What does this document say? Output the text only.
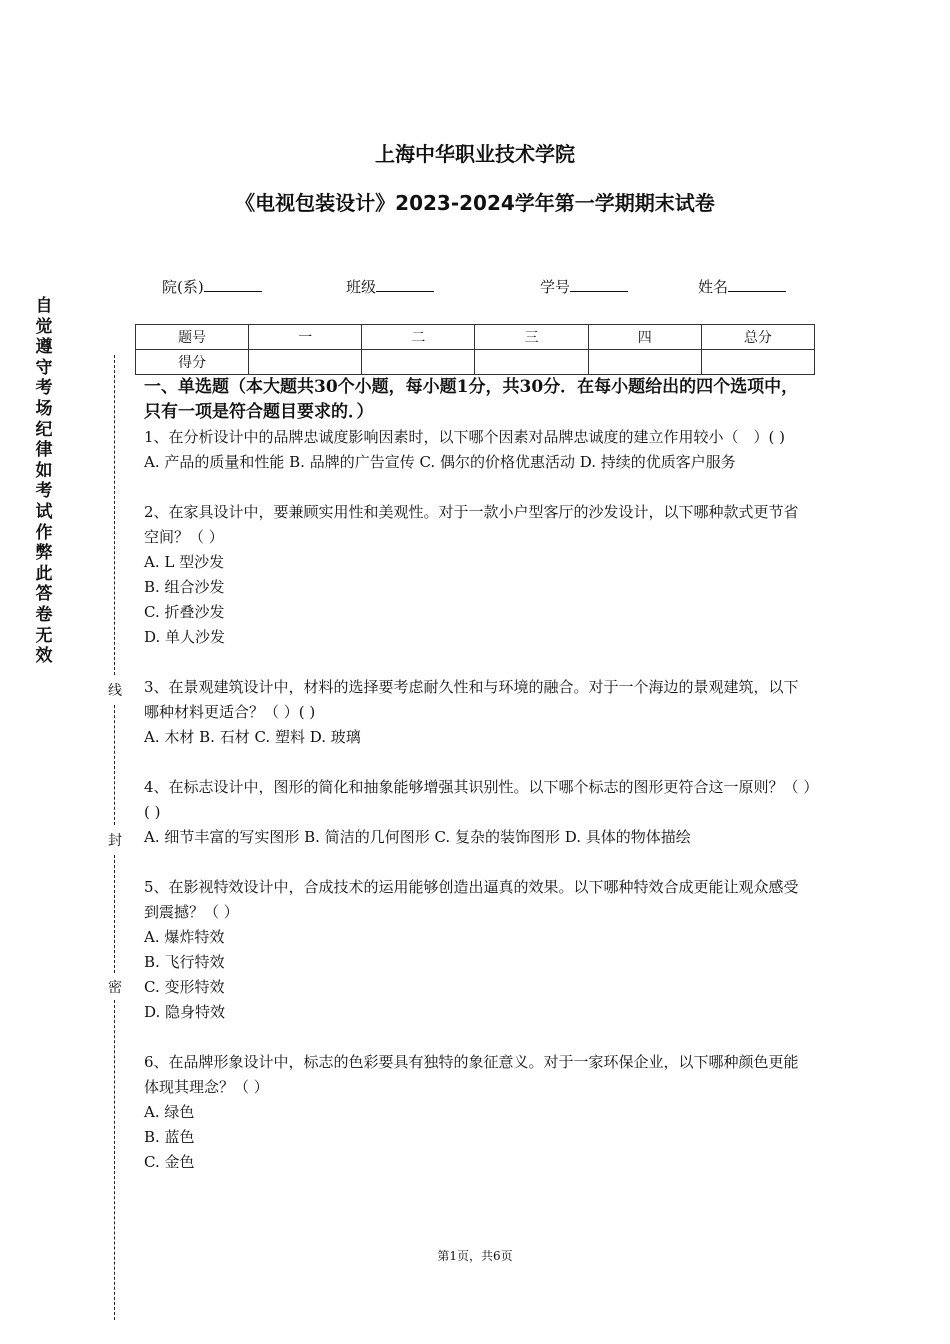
上海中华职业技术学院
《电视包装设计》2023-2024学年第一学期期末试卷
院(系)	班级	学号	姓名
题号	一	二	三	四	总分
得分					
自
觉
遵
守
考
场
纪
律
如
考
试
作
弊
此
答
卷
无
效
线
封
密

一、单选题（本大题共30个小题，每小题1分，共30分．在每小题给出的四个选项中，只有一项是符合题目要求的．）

1、在分析设计中的品牌忠诚度影响因素时，以下哪个因素对品牌忠诚度的建立作用较小（　）( )

A. 产品的质量和性能 B. 品牌的广告宣传 C. 偶尔的价格优惠活动 D. 持续的优质客户服务

2、在家具设计中，要兼顾实用性和美观性。对于一款小户型客厅的沙发设计，以下哪种款式更节省空间？（ ）

A. L 型沙发

B. 组合沙发

C. 折叠沙发

D. 单人沙发

3、在景观建筑设计中，材料的选择要考虑耐久性和与环境的融合。对于一个海边的景观建筑，以下哪种材料更适合？（ ）( )

A. 木材 B. 石材 C. 塑料 D. 玻璃

4、在标志设计中，图形的简化和抽象能够增强其识别性。以下哪个标志的图形更符合这一原则？（ ）( )

A. 细节丰富的写实图形 B. 简洁的几何图形 C. 复杂的装饰图形 D. 具体的物体描绘

5、在影视特效设计中，合成技术的运用能够创造出逼真的效果。以下哪种特效合成更能让观众感受到震撼？（ ）

A. 爆炸特效

B. 飞行特效

C. 变形特效

D. 隐身特效

6、在品牌形象设计中，标志的色彩要具有独特的象征意义。对于一家环保企业，以下哪种颜色更能体现其理念？（ ）

A. 绿色

B. 蓝色

C. 金色

第1页，共6页
